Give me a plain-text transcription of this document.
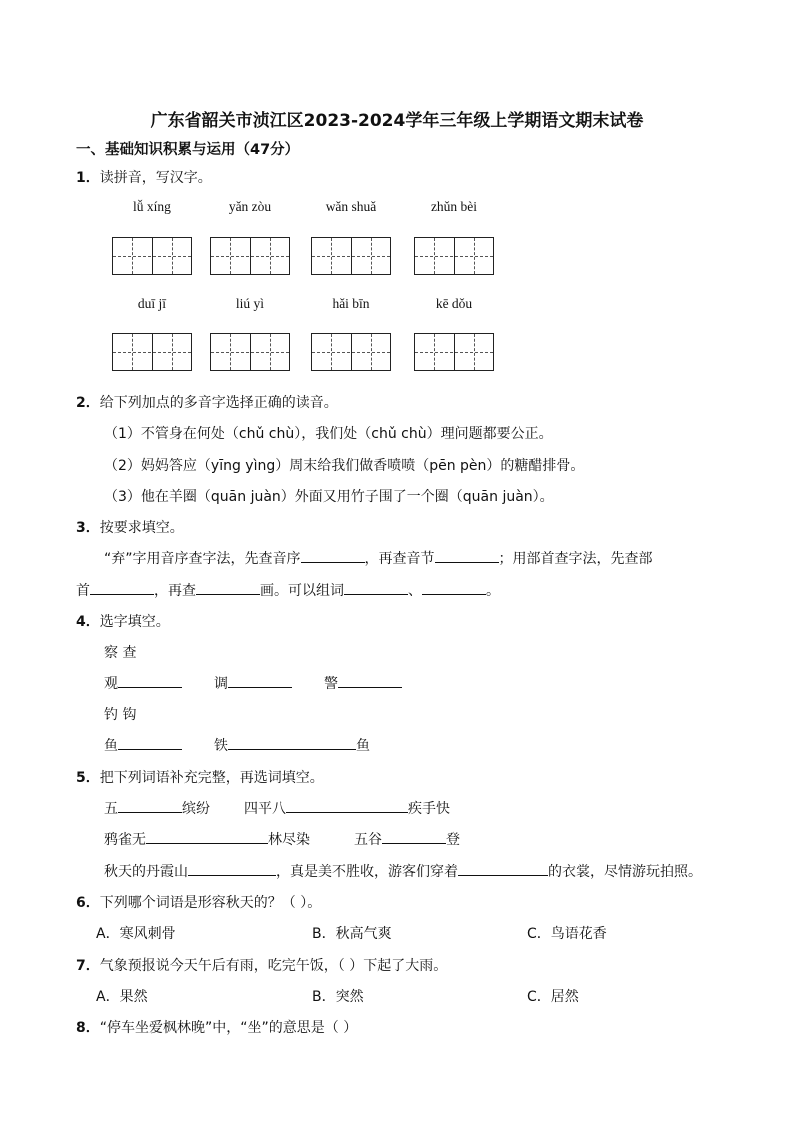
广东省韶关市浈江区2023-2024学年三年级上学期语文期末试卷
一、基础知识积累与运用（47分）
1．读拼音，写汉字。
lǚ xíng	yǎn zòu	wǎn shuǎ	zhǔn bèi
duī jī	liú yì	hǎi bīn	kē dǒu
2．给下列加点的多音字选择正确的读音。
（1）不管身在何处（chǔ chù），我们处（chǔ chù）理问题都要公正。
（2）妈妈答应（yīng yìng）周末给我们做香喷喷（pēn pèn）的糖醋排骨。
（3）他在羊圈（quān juàn）外面又用竹子围了一个圈（quān juàn）。
3．按要求填空。
“弃”字用音序查字法，先查音序	，再查音节	；用部首查字法，先查部
首	，再查	画。可以组词	、	。
4．选字填空。
察 查
观	调	警
钓 钩
鱼	铁	鱼
5．把下列词语补充完整，再选词填空。
五	缤纷 四平八	疾手快
鸦雀无	林尽染	五谷	登
秋天的丹霞山	，真是美不胜收，游客们穿着	的衣裳，尽情游玩拍照。
6．下列哪个词语是形容秋天的？（ ）。
A．寒风刺骨	B．秋高气爽	C．鸟语花香
7．气象预报说今天午后有雨，吃完午饭，（ ）下起了大雨。
A．果然	B．突然	C．居然
8．“停车坐爱枫林晚”中，“坐”的意思是（ ）
